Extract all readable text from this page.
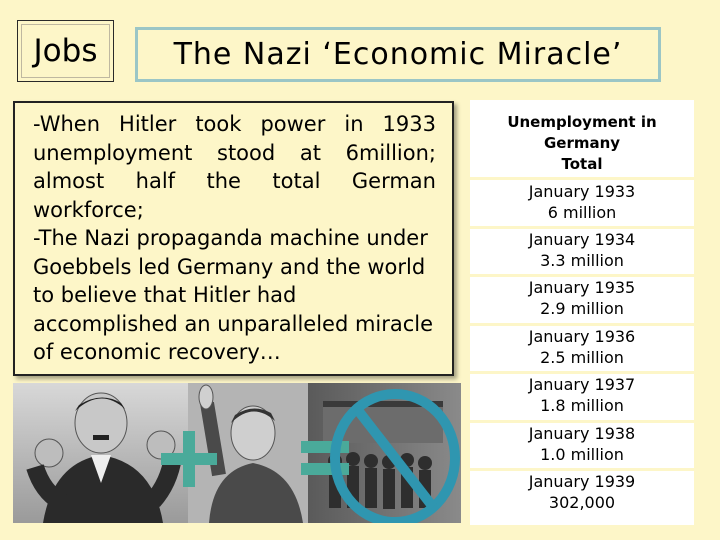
Jobs	The Nazi ‘Economic Miracle’

-When Hitler took power in 1933 unemployment stood at 6million; almost half the total German workforce;

-The Nazi propaganda machine under Goebbels led Germany and the world to believe that Hitler had accomplished an unparalleled miracle of economic recovery…

Unemployment in
Germany
Total
January 1933
6 million
January 1934
3.3 million
January 1935
2.9 million
January 1936
2.5 million
January 1937
1.8 million
January 1938
1.0 million
January 1939
302,000
